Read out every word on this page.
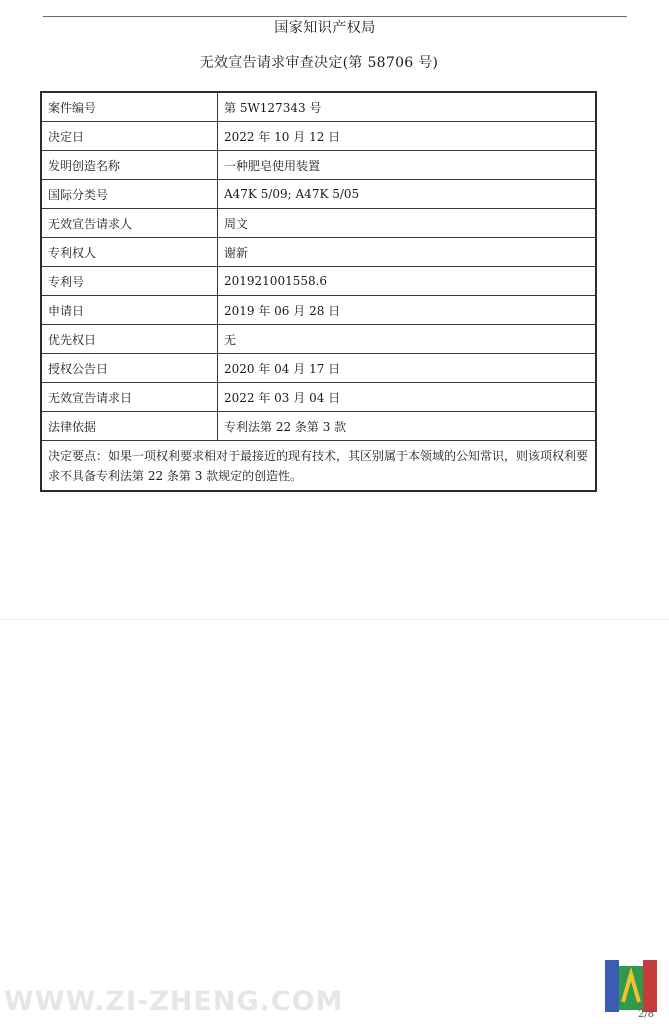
国家知识产权局
无效宣告请求审查决定(第 58706 号)
案件编号	第 5W127343 号
决定日	2022 年 10 月 12 日
发明创造名称	一种肥皂使用装置
国际分类号	A47K 5/09; A47K 5/05
无效宣告请求人	周文
专利权人	谢新
专利号	201921001558.6
申请日	2019 年 06 月 28 日
优先权日	无
授权公告日	2020 年 04 月 17 日
无效宣告请求日	2022 年 03 月 04 日
法律依据	专利法第 22 条第 3 款
决定要点：如果一项权利要求相对于最接近的现有技术，其区别属于本领域的公知常识，则该项权利要求不具备专利法第 22 条第 3 款规定的创造性。	
WWW.ZI-ZHENG.COM	2/8
